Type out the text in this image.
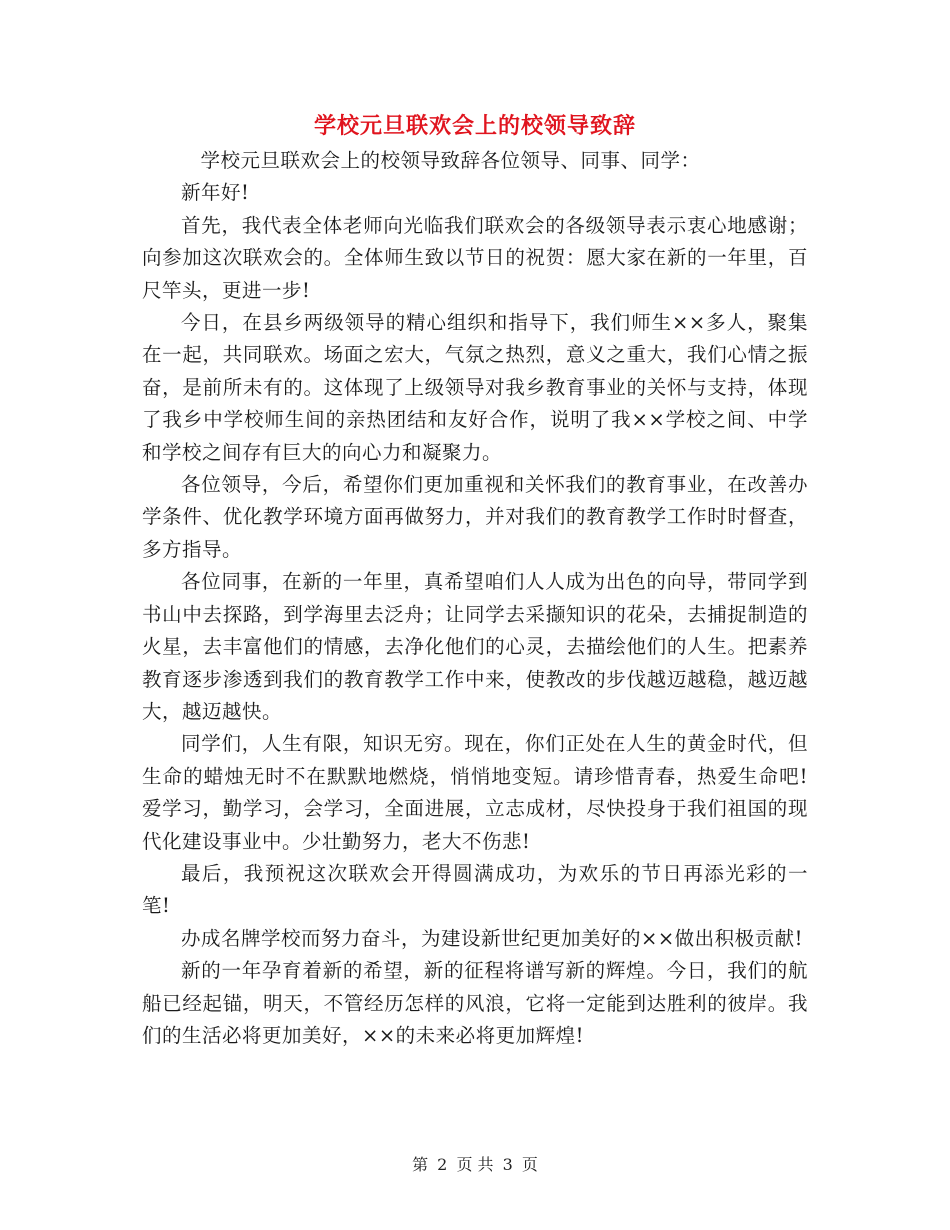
学校元旦联欢会上的校领导致辞

学校元旦联欢会上的校领导致辞各位领导、同事、同学：

新年好!

首先，我代表全体老师向光临我们联欢会的各级领导表示衷心地感谢；向参加这次联欢会的。全体师生致以节日的祝贺：愿大家在新的一年里，百尺竿头，更进一步!

今日，在县乡两级领导的精心组织和指导下，我们师生××多人，聚集在一起，共同联欢。场面之宏大，气氛之热烈，意义之重大，我们心情之振奋，是前所未有的。这体现了上级领导对我乡教育事业的关怀与支持，体现了我乡中学校师生间的亲热团结和友好合作，说明了我××学校之间、中学和学校之间存有巨大的向心力和凝聚力。

各位领导，今后，希望你们更加重视和关怀我们的教育事业，在改善办学条件、优化教学环境方面再做努力，并对我们的教育教学工作时时督查，多方指导。

各位同事，在新的一年里，真希望咱们人人成为出色的向导，带同学到书山中去探路，到学海里去泛舟；让同学去采撷知识的花朵，去捕捉制造的火星，去丰富他们的情感，去净化他们的心灵，去描绘他们的人生。把素养教育逐步渗透到我们的教育教学工作中来，使教改的步伐越迈越稳，越迈越大，越迈越快。

同学们，人生有限，知识无穷。现在，你们正处在人生的黄金时代，但生命的蜡烛无时不在默默地燃烧，悄悄地变短。请珍惜青春，热爱生命吧!爱学习，勤学习，会学习，全面进展，立志成材，尽快投身于我们祖国的现代化建设事业中。少壮勤努力，老大不伤悲!

最后，我预祝这次联欢会开得圆满成功，为欢乐的节日再添光彩的一笔!

办成名牌学校而努力奋斗，为建设新世纪更加美好的××做出积极贡献!

新的一年孕育着新的希望，新的征程将谱写新的辉煌。今日，我们的航船已经起锚，明天，不管经历怎样的风浪，它将一定能到达胜利的彼岸。我们的生活必将更加美好，××的未来必将更加辉煌!

第 2 页 共 3 页
